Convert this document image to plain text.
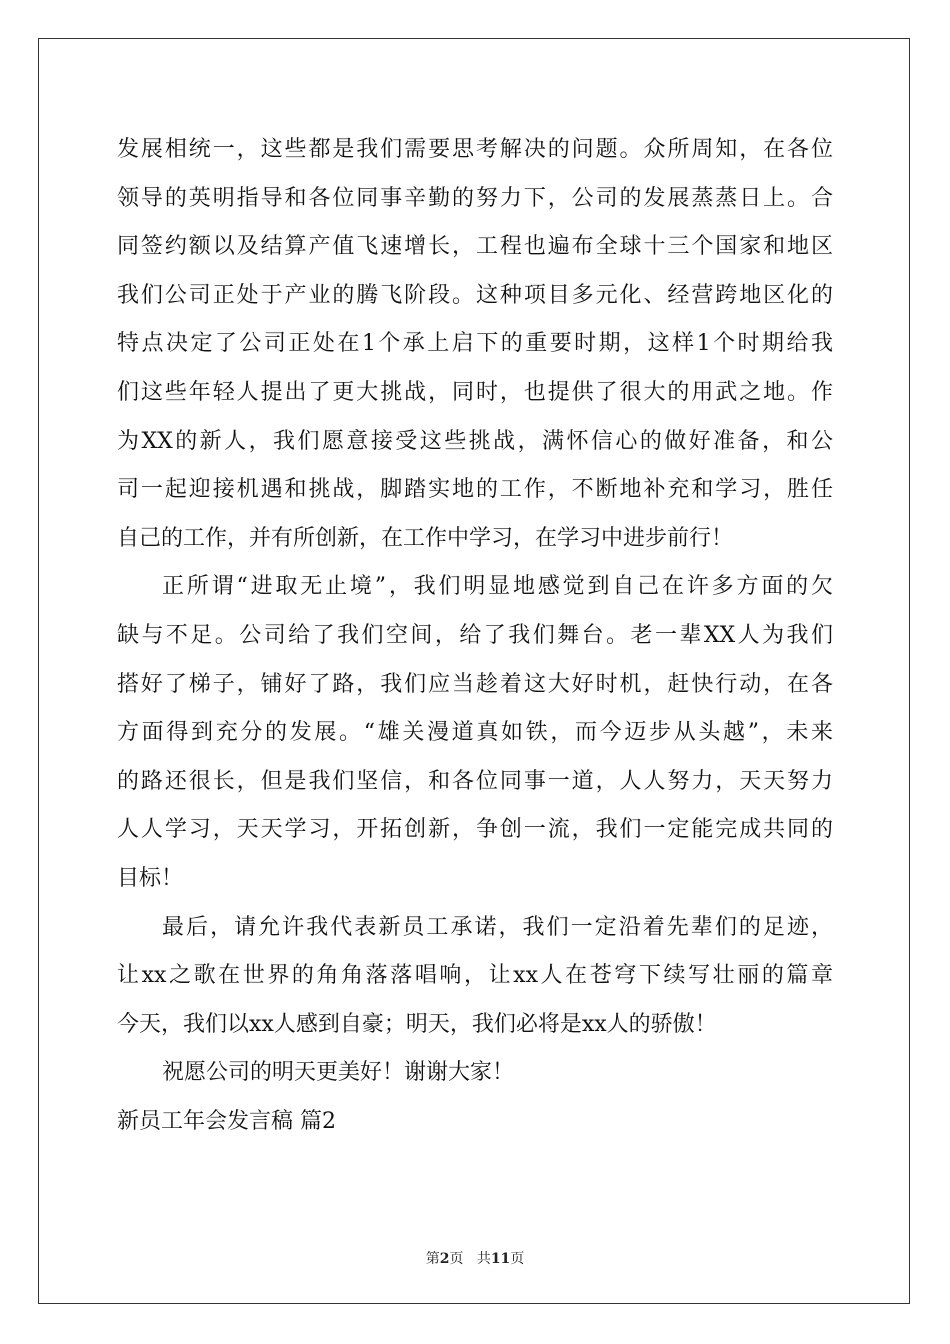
发展相统一，这些都是我们需要思考解决的问题。众所周知，在各位
领导的英明指导和各位同事辛勤的努力下，公司的发展蒸蒸日上。合
同签约额以及结算产值飞速增长，工程也遍布全球十三个国家和地区
我们公司正处于产业的腾飞阶段。这种项目多元化、经营跨地区化的
特点决定了公司正处在1个承上启下的重要时期，这样1个时期给我
们这些年轻人提出了更大挑战，同时，也提供了很大的用武之地。作
为XX的新人，我们愿意接受这些挑战，满怀信心的做好准备，和公
司一起迎接机遇和挑战，脚踏实地的工作，不断地补充和学习，胜任
自己的工作，并有所创新，在工作中学习，在学习中进步前行！
正所谓“进取无止境”，我们明显地感觉到自己在许多方面的欠
缺与不足。公司给了我们空间，给了我们舞台。老一辈XX人为我们
搭好了梯子，铺好了路，我们应当趁着这大好时机，赶快行动，在各
方面得到充分的发展。“雄关漫道真如铁，而今迈步从头越”，未来
的路还很长，但是我们坚信，和各位同事一道，人人努力，天天努力
人人学习，天天学习，开拓创新，争创一流，我们一定能完成共同的
目标！
最后，请允许我代表新员工承诺，我们一定沿着先辈们的足迹，
让xx之歌在世界的角角落落唱响，让xx人在苍穹下续写壮丽的篇章
今天，我们以xx人感到自豪；明天，我们必将是xx人的骄傲！
祝愿公司的明天更美好！谢谢大家！
新员工年会发言稿 篇2
第2页 共11页
